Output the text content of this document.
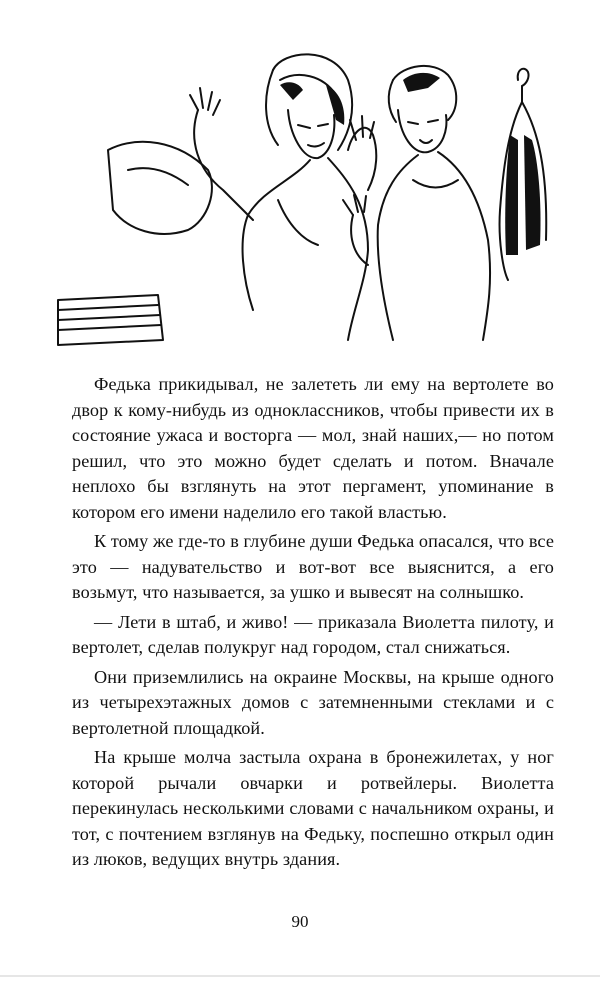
Федька прикидывал, не залететь ли ему на вертолете во двор к кому-нибудь из одноклассников, чтобы привести их в состояние ужаса и восторга — мол, знай наших,— но потом решил, что это можно будет сделать и потом. Вначале неплохо бы взглянуть на этот пергамент, упоминание в котором его имени наделило его такой властью.

К тому же где-то в глубине души Федька опасался, что все это — надувательство и вот-вот все выяснится, а его возьмут, что называется, за ушко и вывесят на солнышко.

— Лети в штаб, и живо! — приказала Виолетта пилоту, и вертолет, сделав полукруг над городом, стал снижаться.

Они приземлились на окраине Москвы, на крыше одного из четырехэтажных домов с затемненными стеклами и с вертолетной площадкой.

На крыше молча застыла охрана в бронежилетах, у ног которой рычали овчарки и ротвейлеры. Виолетта перекинулась несколькими словами с начальником охраны, и тот, с почтением взглянув на Федьку, поспешно открыл один из люков, ведущих внутрь здания.

90
